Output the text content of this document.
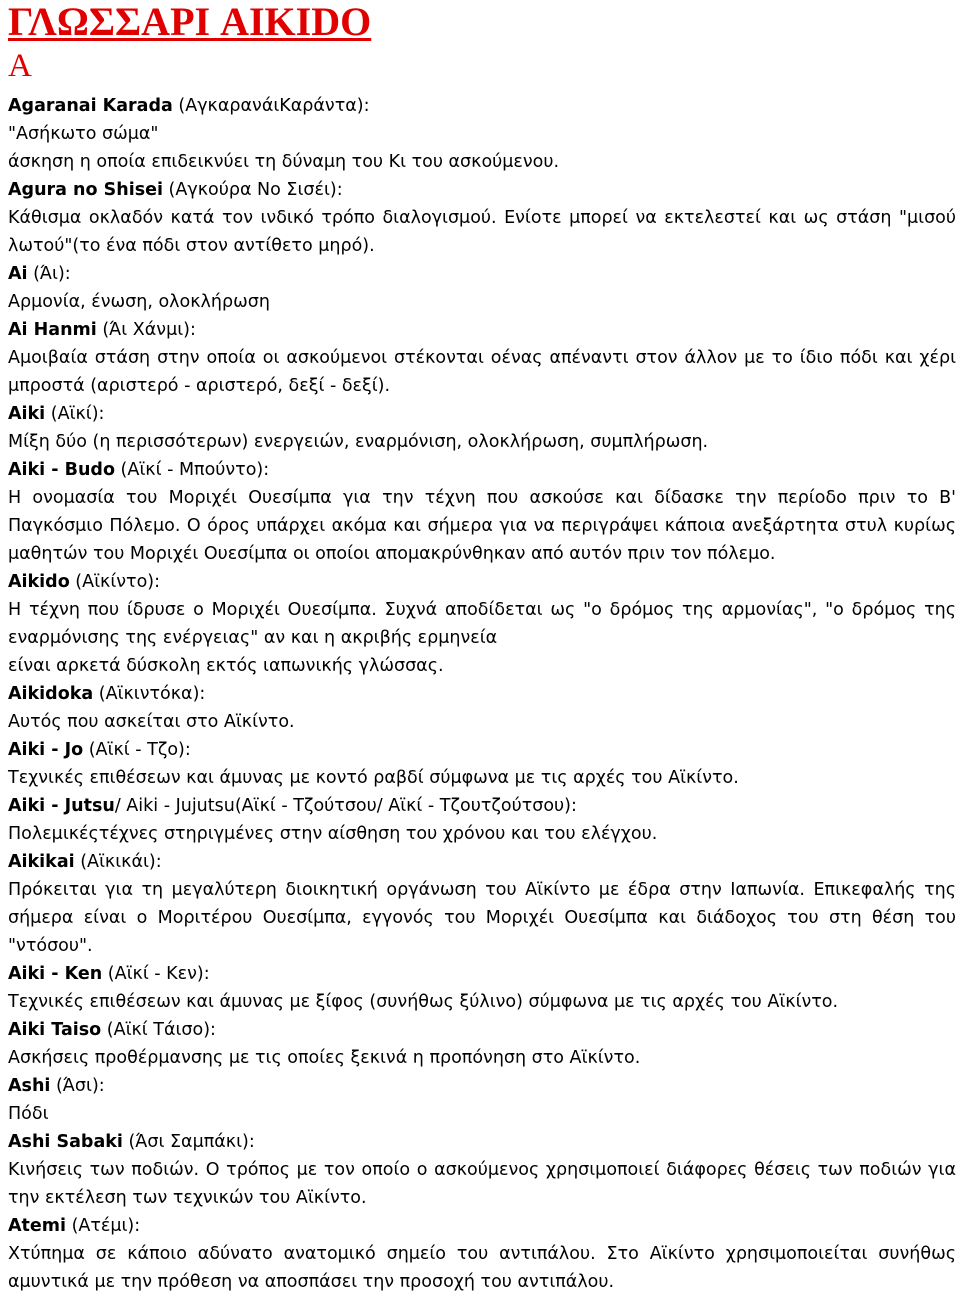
ΓΛΩΣΣΑΡΙ AIKIDO
A

Agaranai Karada (ΑγκαρανάιΚαράντα):

"Ασήκωτο σώμα"

άσκηση η οποία επιδεικνύει τη δύναμη του Κι του ασκούμενου.

Agura no Shisei (Αγκούρα Νο Σισέι):

Κάθισμα οκλαδόν κατά τον ινδικό τρόπο διαλογισμού. Ενίοτε μπορεί να εκτελεστεί και ως στάση "μισού λωτού"(το ένα πόδι στον αντίθετο μηρό).

Ai (Άι):

Αρμονία, ένωση, ολοκλήρωση

Ai Hanmi (Άι Χάνμι):

Αμοιβαία στάση στην οποία οι ασκούμενοι στέκονται οένας απέναντι στον άλλον με το ίδιο πόδι και χέρι μπροστά (αριστερό - αριστερό, δεξί - δεξί).

Aiki (Αϊκί):

Μίξη δύο (η περισσότερων) ενεργειών, εναρμόνιση, ολοκλήρωση, συμπλήρωση.

Aiki - Budo (Αϊκί - Μπούντο):

Η ονομασία του Μοριχέι Ουεσίμπα για την τέχνη που ασκούσε και δίδασκε την περίοδο πριν το Β' Παγκόσμιο Πόλεμο. Ο όρος υπάρχει ακόμα και σήμερα για να περιγράψει κάποια ανεξάρτητα στυλ κυρίως μαθητών του Μοριχέι Ουεσίμπα οι οποίοι απομακρύνθηκαν από αυτόν πριν τον πόλεμο.

Aikido (Αϊκίντο):

Η τέχνη που ίδρυσε ο Μοριχέι Ουεσίμπα. Συχνά αποδίδεται ως "ο δρόμος της αρμονίας", "ο δρόμος της εναρμόνισης της ενέργειας" αν και η ακριβής ερμηνεία

είναι αρκετά δύσκολη εκτός ιαπωνικής γλώσσας.

Aikidoka (Αϊκιντόκα):

Αυτός που ασκείται στο Αϊκίντο.

Aiki - Jo (Αϊκί - Τζο):

Τεχνικές επιθέσεων και άμυνας με κοντό ραβδί σύμφωνα με τις αρχές του Αϊκίντο.

Aiki - Jutsu/ Aiki - Jujutsu(Αϊκί - Τζούτσου/ Αϊκί - Τζουτζούτσου):

Πολεμικέςτέχνες στηριγμένες στην αίσθηση του χρόνου και του ελέγχου.

Aikikai (Αϊκικάι):

Πρόκειται για τη μεγαλύτερη διοικητική οργάνωση του Αϊκίντο με έδρα στην Ιαπωνία. Επικεφαλής της σήμερα είναι ο Μοριτέρου Ουεσίμπα, εγγονός του Μοριχέι Ουεσίμπα και διάδοχος του στη θέση του "ντόσου".

Aiki - Ken (Αϊκί - Κεν):

Τεχνικές επιθέσεων και άμυνας με ξίφος (συνήθως ξύλινο) σύμφωνα με τις αρχές του Αϊκίντο.

Aiki Taiso (Αϊκί Τάισο):

Ασκήσεις προθέρμανσης με τις οποίες ξεκινά η προπόνηση στο Αϊκίντο.

Ashi (Άσι):

Πόδι

Ashi Sabaki (Άσι Σαμπάκι):

Κινήσεις των ποδιών. Ο τρόπος με τον οποίο ο ασκούμενος χρησιμοποιεί διάφορες θέσεις των ποδιών για την εκτέλεση των τεχνικών του Αϊκίντο.

Atemi (Ατέμι):

Χτύπημα σε κάποιο αδύνατο ανατομικό σημείο του αντιπάλου. Στο Αϊκίντο χρησιμοποιείται συνήθως αμυντικά με την πρόθεση να αποσπάσει την προσοχή του αντιπάλου.
